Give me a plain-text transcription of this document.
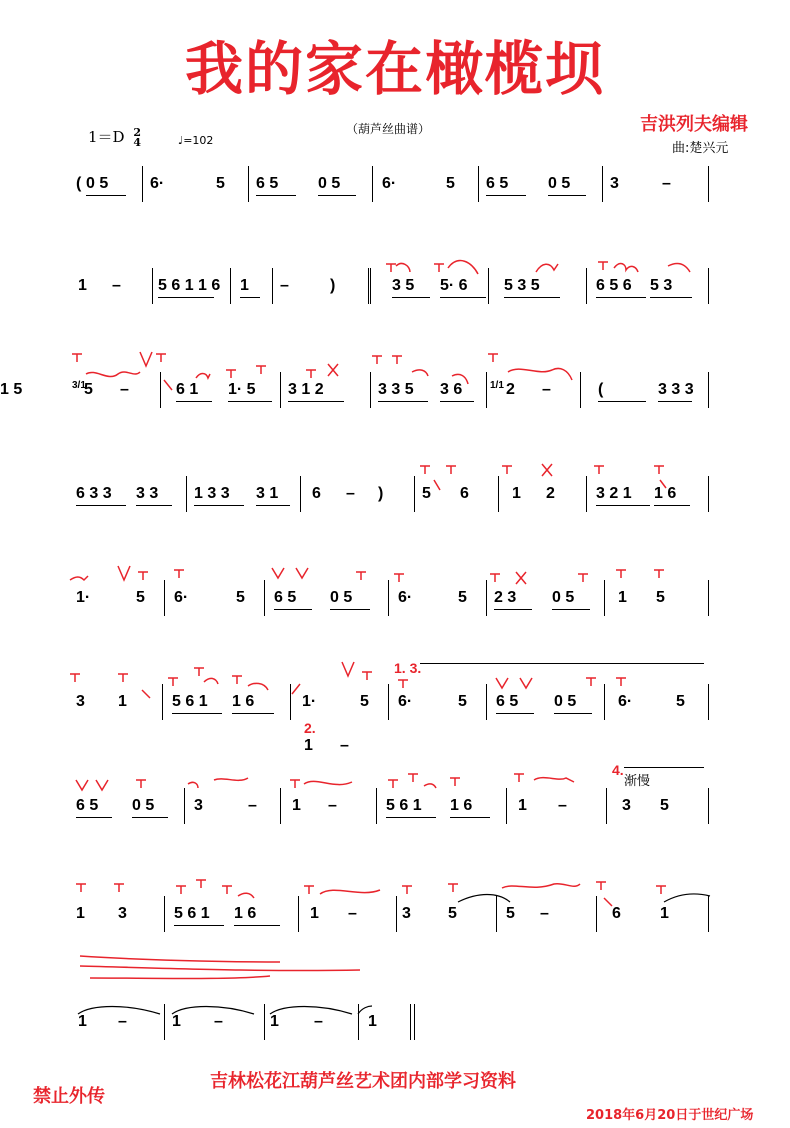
我的家在橄榄坝
1＝D 2
4	♩=102
（葫芦丝曲谱）	吉洪列夫编辑
曲:楚兴元
( 0 5	6·	5 6 5 0 5	6·	5 6 5 0 5 3	–
1 – 5 6 1 1 6 1 –	)	3 5 5· 6 5 3 5	6 5 6 5 3
3/1
5 –	6 1 1· 5 3 1 2	3 3 5 3 6	1/1 2 –	(	3 3 3
1 5
6 3 3 3 3 1 3 3 3 1 6 – ) 5 6	1 2	3 2 1 1 6
1·	5 6·	5 6 5 0 5	6·	5 2 3 0 5	1 5
3 1	5 6 1 1 6	1·	5 6·	5 6 5 0 5	6·	5
1 –
6 5 0 5 3	– 1 –	5 6 1 1 6	1 –	3 5
1 3	5 6 1 1 6	1 –	3 5	5 –	6 1
1 –	1 –	1 –	1
1. 3.
2.
4.
渐慢
吉林松花江葫芦丝艺术团内部学习资料
禁止外传
2018年6月20日于世纪广场
